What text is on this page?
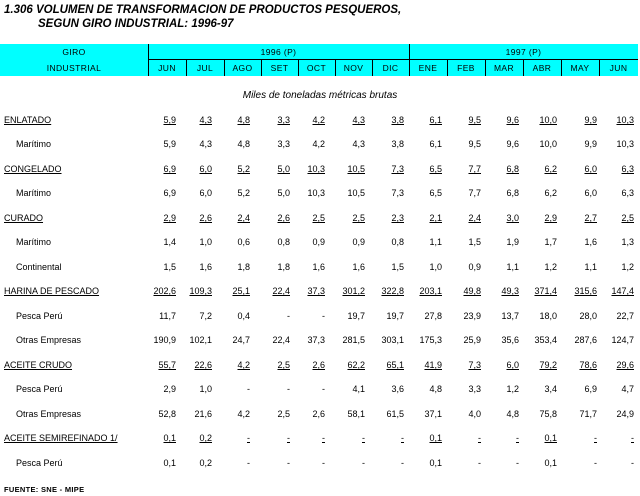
1.306 VOLUMEN DE TRANSFORMACION DE PRODUCTOS PESQUEROS,
SEGUN GIRO INDUSTRIAL: 1996-97
GIRO
INDUSTRIAL
1996 (P)	1997 (P)
JUN	JUL	AGO	SET	OCT	NOV	DIC	ENE	FEB	MAR	ABR	MAY	JUN
Miles de toneladas métricas brutas
ENLATADO	5,9	4,3	4,8	3,3	4,2	4,3	3,8	6,1	9,5	9,6	10,0	9,9	10,3
Marítimo	5,9	4,3	4,8	3,3	4,2	4,3	3,8	6,1	9,5	9,6	10,0	9,9	10,3
CONGELADO	6,9	6,0	5,2	5,0	10,3	10,5	7,3	6,5	7,7	6,8	6,2	6,0	6,3
Marítimo	6,9	6,0	5,2	5,0	10,3	10,5	7,3	6,5	7,7	6,8	6,2	6,0	6,3
CURADO	2,9	2,6	2,4	2,6	2,5	2,5	2,3	2,1	2,4	3,0	2,9	2,7	2,5
Marítimo	1,4	1,0	0,6	0,8	0,9	0,9	0,8	1,1	1,5	1,9	1,7	1,6	1,3
Continental	1,5	1,6	1,8	1,8	1,6	1,6	1,5	1,0	0,9	1,1	1,2	1,1	1,2
HARINA DE PESCADO	202,6	109,3	25,1	22,4	37,3	301,2	322,8	203,1	49,8	49,3	371,4	315,6	147,4
Pesca Perú	11,7	7,2	0,4	-	-	19,7	19,7	27,8	23,9	13,7	18,0	28,0	22,7
Otras Empresas	190,9	102,1	24,7	22,4	37,3	281,5	303,1	175,3	25,9	35,6	353,4	287,6	124,7
ACEITE CRUDO	55,7	22,6	4,2	2,5	2,6	62,2	65,1	41,9	7,3	6,0	79,2	78,6	29,6
Pesca Perú	2,9	1,0	-	-	-	4,1	3,6	4,8	3,3	1,2	3,4	6,9	4,7
Otras Empresas	52,8	21,6	4,2	2,5	2,6	58,1	61,5	37,1	4,0	4,8	75,8	71,7	24,9
ACEITE SEMIREFINADO 1/	0,1	0,2	-	-	-	-	-	0,1	-	-	0,1	-	-
Pesca Perú	0,1	0,2	-	-	-	-	-	0,1	-	-	0,1	-	-
FUENTE: SNE - MIPE
